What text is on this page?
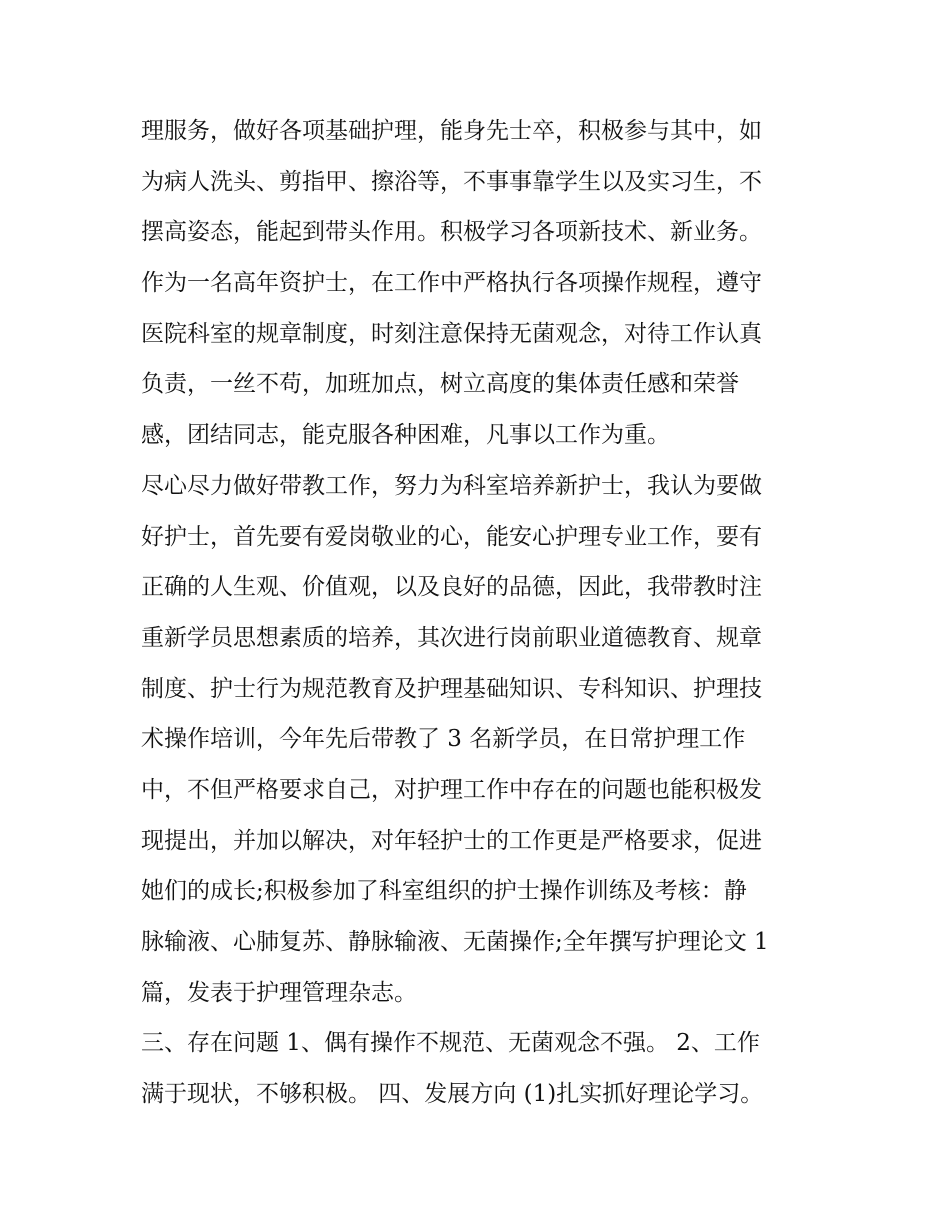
理服务，做好各项基础护理，能身先士卒，积极参与其中，如
为病人洗头、剪指甲、擦浴等，不事事靠学生以及实习生，不
摆高姿态，能起到带头作用。积极学习各项新技术、新业务。
作为一名高年资护士，在工作中严格执行各项操作规程，遵守
医院科室的规章制度，时刻注意保持无菌观念，对待工作认真
负责，一丝不苟，加班加点，树立高度的集体责任感和荣誉
感，团结同志，能克服各种困难，凡事以工作为重。
尽心尽力做好带教工作，努力为科室培养新护士，我认为要做
好护士，首先要有爱岗敬业的心，能安心护理专业工作，要有
正确的人生观、价值观，以及良好的品德，因此，我带教时注
重新学员思想素质的培养，其次进行岗前职业道德教育、规章
制度、护士行为规范教育及护理基础知识、专科知识、护理技
术操作培训，今年先后带教了 3 名新学员，在日常护理工作
中，不但严格要求自己，对护理工作中存在的问题也能积极发
现提出，并加以解决，对年轻护士的工作更是严格要求，促进
她们的成长;积极参加了科室组织的护士操作训练及考核：静
脉输液、心肺复苏、静脉输液、无菌操作;全年撰写护理论文 1
篇，发表于护理管理杂志。
三、存在问题 1、偶有操作不规范、无菌观念不强。 2、工作
满于现状，不够积极。 四、发展方向 (1)扎实抓好理论学习。
